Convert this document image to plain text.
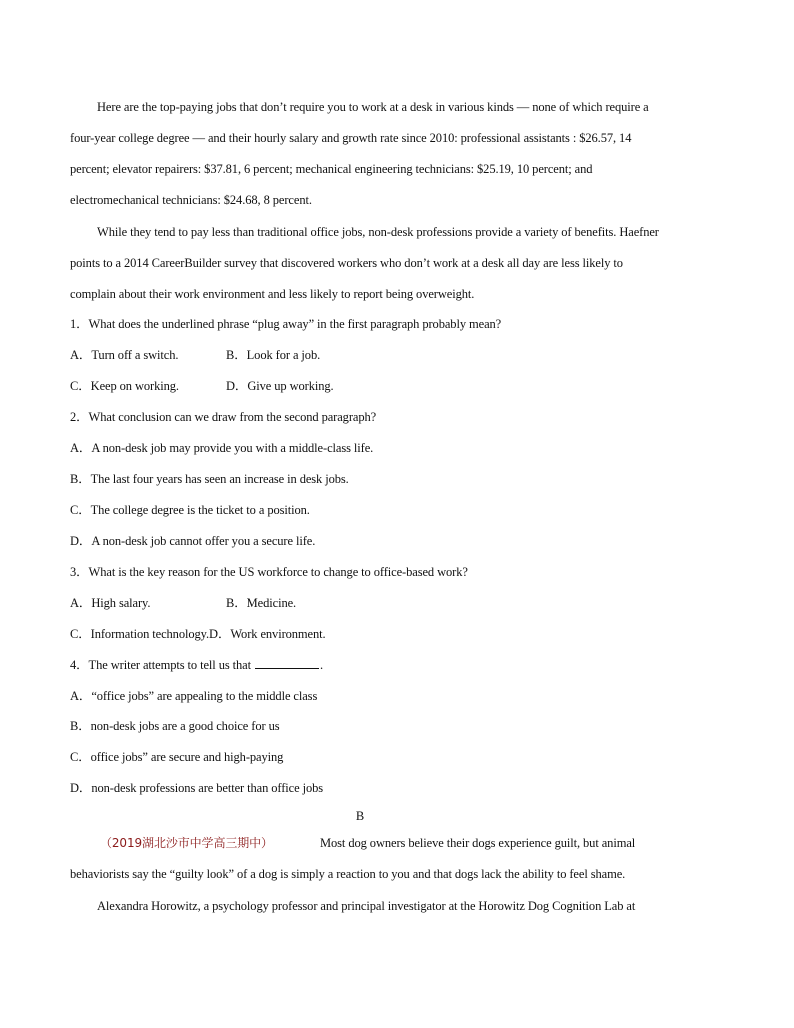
Here are the top-paying jobs that don’t require you to work at a desk in various kinds — none of which require a
four-year college degree — and their hourly salary and growth rate since 2010: professional assistants : $26.57, 14
percent; elevator repairers: $37.81, 6 percent; mechanical engineering technicians: $25.19, 10 percent; and
electromechanical technicians: $24.68, 8 percent.
While they tend to pay less than traditional office jobs, non-desk professions provide a variety of benefits. Haefner
points to a 2014 CareerBuilder survey that discovered workers who don’t work at a desk all day are less likely to
complain about their work environment and less likely to report being overweight.
1．What does the underlined phrase “plug away” in the first paragraph probably mean?
A．Turn off a switch.	B．Look for a job.
C．Keep on working.	D．Give up working.
2．What conclusion can we draw from the second paragraph?
A．A non-desk job may provide you with a middle-class life.
B．The last four years has seen an increase in desk jobs.
C．The college degree is the ticket to a position.
D．A non-desk job cannot offer you a secure life.
3．What is the key reason for the US workforce to change to office-based work?
A．High salary.	B．Medicine.
C．Information technology.D．Work environment.
4．The writer attempts to tell us that	.
A．“office jobs” are appealing to the middle class
B．non-desk jobs are a good choice for us
C．office jobs” are secure and high-paying
D．non-desk professions are better than office jobs
B
（2019湖北沙市中学高三期中）	Most dog owners believe their dogs experience guilt, but animal
behaviorists say the “guilty look” of a dog is simply a reaction to you and that dogs lack the ability to feel shame.
Alexandra Horowitz, a psychology professor and principal investigator at the Horowitz Dog Cognition Lab at
